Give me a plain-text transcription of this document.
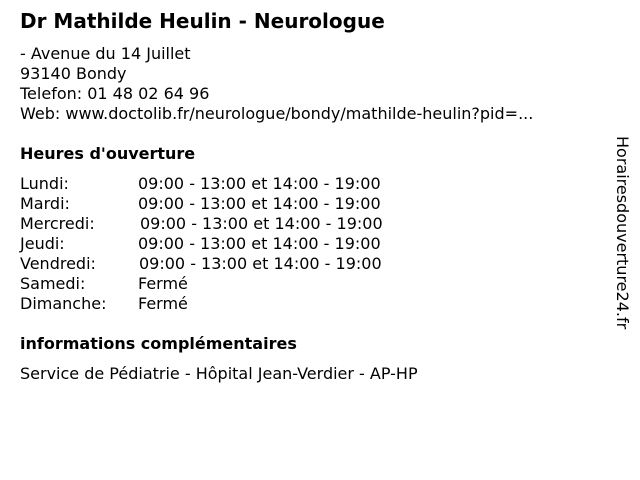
Dr Mathilde Heulin - Neurologue
- Avenue du 14 Juillet
93140 Bondy
Telefon: 01 48 02 64 96
Web: www.doctolib.fr/neurologue/bondy/mathilde-heulin?pid=...
Heures d'ouverture
Lundi:	09:00 - 13:00 et 14:00 - 19:00
Mardi:	09:00 - 13:00 et 14:00 - 19:00
Mercredi:	09:00 - 13:00 et 14:00 - 19:00
Jeudi:	09:00 - 13:00 et 14:00 - 19:00
Vendredi:	09:00 - 13:00 et 14:00 - 19:00
Samedi:	Fermé
Dimanche: Fermé
informations complémentaires
Service de Pédiatrie - Hôpital Jean-Verdier - AP-HP
Horairesdouverture24.fr
